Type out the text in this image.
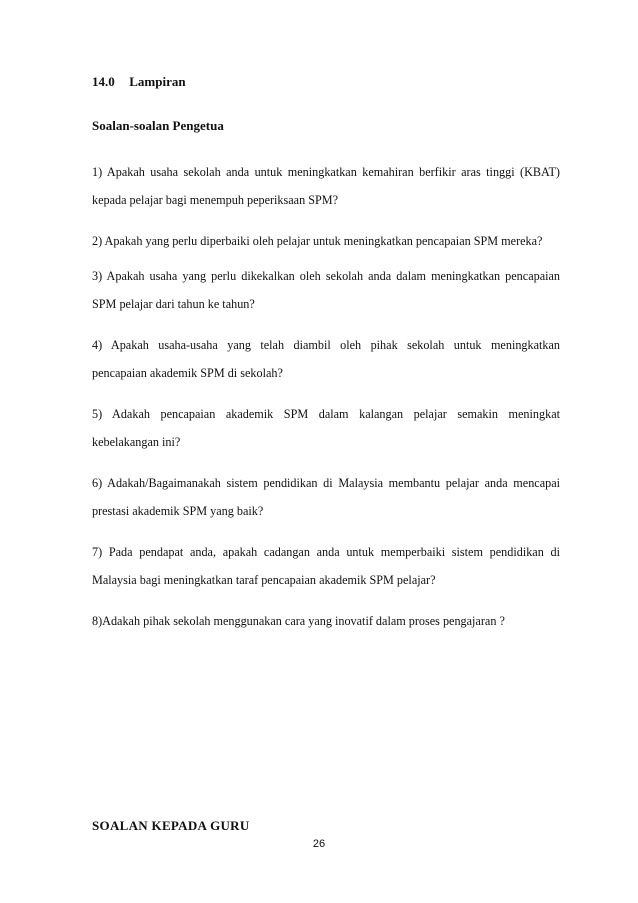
14.0 Lampiran
Soalan-soalan Pengetua
1) Apakah usaha sekolah anda untuk meningkatkan kemahiran berfikir aras tinggi (KBAT)
kepada pelajar bagi menempuh peperiksaan SPM?
2) Apakah yang perlu diperbaiki oleh pelajar untuk meningkatkan pencapaian SPM mereka?
3) Apakah usaha yang perlu dikekalkan oleh sekolah anda dalam meningkatkan pencapaian
SPM pelajar dari tahun ke tahun?
4) Apakah usaha-usaha yang telah diambil oleh pihak sekolah untuk meningkatkan
pencapaian akademik SPM di sekolah?
5) Adakah pencapaian akademik SPM dalam kalangan pelajar semakin meningkat
kebelakangan ini?
6) Adakah/Bagaimanakah sistem pendidikan di Malaysia membantu pelajar anda mencapai
prestasi akademik SPM yang baik?
7) Pada pendapat anda, apakah cadangan anda untuk memperbaiki sistem pendidikan di
Malaysia bagi meningkatkan taraf pencapaian akademik SPM pelajar?
8)Adakah pihak sekolah menggunakan cara yang inovatif dalam proses pengajaran ?
SOALAN KEPADA GURU
26
